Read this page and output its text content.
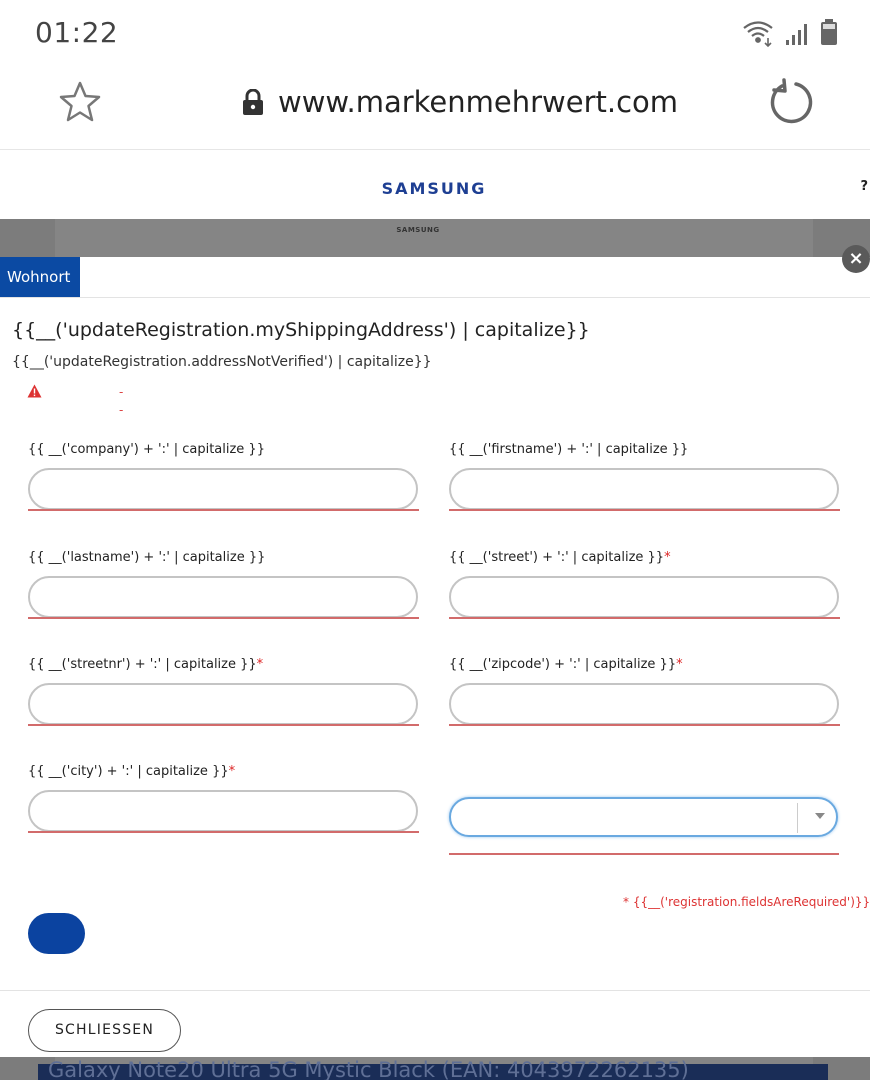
01:22
www.markenmehrwert.com
SAMSUNG	?
SAMSUNG
Wohnort
×
{{__('updateRegistration.myShippingAddress') | capitalize}}
{{__('updateRegistration.addressNotVerified') | capitalize}}
-
-
{{ __('company') + ':' | capitalize }}	{{ __('firstname') + ':' | capitalize }}
{{ __('lastname') + ':' | capitalize }}	{{ __('street') + ':' | capitalize }}*
{{ __('streetnr') + ':' | capitalize }}*	{{ __('zipcode') + ':' | capitalize }}*
{{ __('city') + ':' | capitalize }}*
* {{__('registration.fieldsAreRequired')}}
Galaxy Note20 Ultra 5G Mystic Black (EAN: 4043972262135)
SCHLIESSEN
